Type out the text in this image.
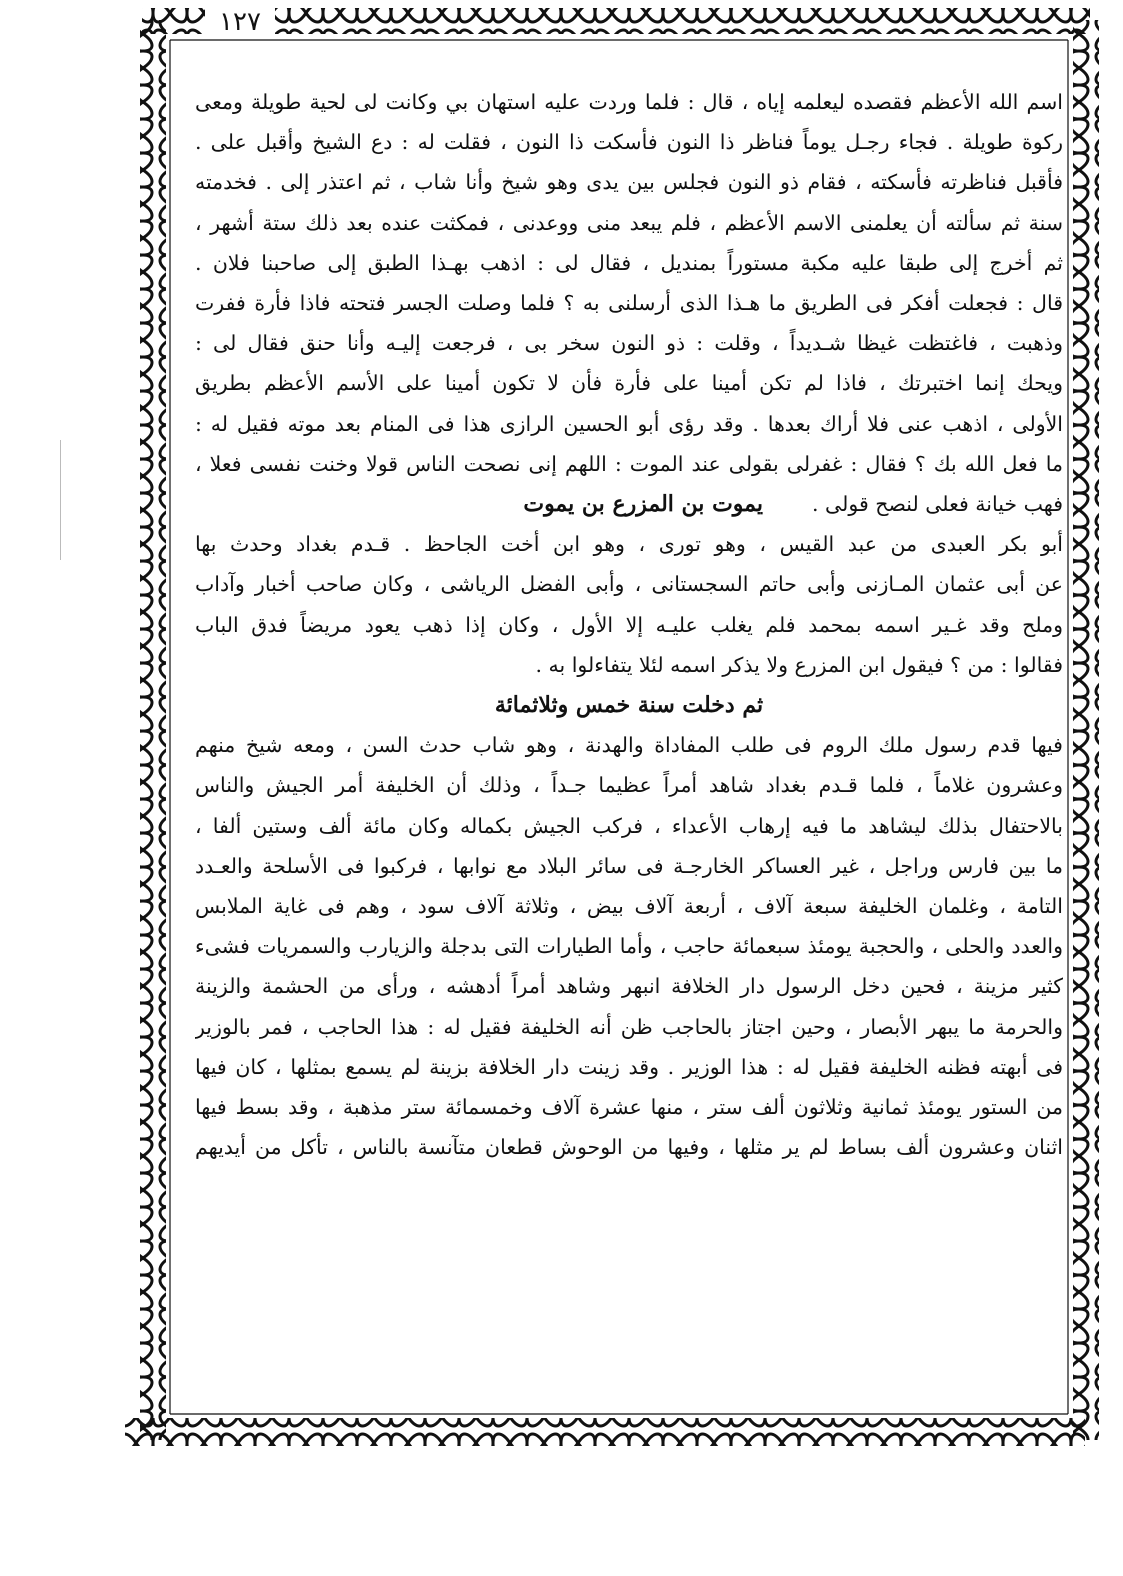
١٢٧
اسم الله الأعظم فقصده ليعلمه إياه ، قال : فلما وردت عليه استهان بي وكانت لى لحية طويلة ومعى
ركوة طويلة . فجاء رجـل يوماً فناظر ذا النون فأسكت ذا النون ، فقلت له : دع الشيخ وأقبل على .
فأقبل فناظرته فأسكته ، فقام ذو النون فجلس بين يدى وهو شيخ وأنا شاب ، ثم اعتذر إلى . فخدمته
سنة ثم سألته أن يعلمنى الاسم الأعظم ، فلم يبعد منى ووعدنى ، فمكثت عنده بعد ذلك ستة أشهر ،
ثم أخرج إلى طبقا عليه مكبة مستوراً بمنديل ، فقال لى : اذهب بهـذا الطبق إلى صاحبنا فلان .
قال : فجعلت أفكر فى الطريق ما هـذا الذى أرسلنى به ؟ فلما وصلت الجسر فتحته فاذا فأرة ففرت
وذهبت ، فاغتظت غيظا شـديداً ، وقلت : ذو النون سخر بى ، فرجعت إليـه وأنا حنق فقال لى :
ويحك إنما اختبرتك ، فاذا لم تكن أمينا على فأرة فأن لا تكون أمينا على الأسم الأعظم بطريق
الأولى ، اذهب عنى فلا أراك بعدها . وقد رؤى أبو الحسين الرازى هذا فى المنام بعد موته فقيل له :
ما فعل الله بك ؟ فقال : غفرلى بقولى عند الموت : اللهم إنى نصحت الناس قولا وخنت نفسى فعلا ،
فهب خيانة فعلى لنصح قولى .
يموت بن المزرع بن يموت
أبو بكر العبدى من عبد القيس ، وهو تورى ، وهو ابن أخت الجاحظ . قـدم بغداد وحدث بها
عن أبى عثمان المـازنى وأبى حاتم السجستانى ، وأبى الفضل الرياشى ، وكان صاحب أخبار وآداب
وملح وقد غـير اسمه بمحمد فلم يغلب عليـه إلا الأول ، وكان إذا ذهب يعود مريضاً فدق الباب
فقالوا : من ؟ فيقول ابن المزرع ولا يذكر اسمه لئلا يتفاءلوا به .
ثم دخلت سنة خمس وثلاثمائة
فيها قدم رسول ملك الروم فى طلب المفاداة والهدنة ، وهو شاب حدث السن ، ومعه شيخ منهم
وعشرون غلاماً ، فلما قـدم بغداد شاهد أمراً عظيما جـداً ، وذلك أن الخليفة أمر الجيش والناس
بالاحتفال بذلك ليشاهد ما فيه إرهاب الأعداء ، فركب الجيش بكماله وكان مائة ألف وستين ألفا ،
ما بين فارس وراجل ، غير العساكر الخارجـة فى سائر البلاد مع نوابها ، فركبوا فى الأسلحة والعـدد
التامة ، وغلمان الخليفة سبعة آلاف ، أربعة آلاف بيض ، وثلاثة آلاف سود ، وهم فى غاية الملابس
والعدد والحلى ، والحجبة يومئذ سبعمائة حاجب ، وأما الطيارات التى بدجلة والزيارب والسمريات فشىء
كثير مزينة ، فحين دخل الرسول دار الخلافة انبهر وشاهد أمراً أدهشه ، ورأى من الحشمة والزينة
والحرمة ما يبهر الأبصار ، وحين اجتاز بالحاجب ظن أنه الخليفة فقيل له : هذا الحاجب ، فمر بالوزير
فى أبهته فظنه الخليفة فقيل له : هذا الوزير . وقد زينت دار الخلافة بزينة لم يسمع بمثلها ، كان فيها
من الستور يومئذ ثمانية وثلاثون ألف ستر ، منها عشرة آلاف وخمسمائة ستر مذهبة ، وقد بسط فيها
اثنان وعشرون ألف بساط لم ير مثلها ، وفيها من الوحوش قطعان متآنسة بالناس ، تأكل من أيديهم
